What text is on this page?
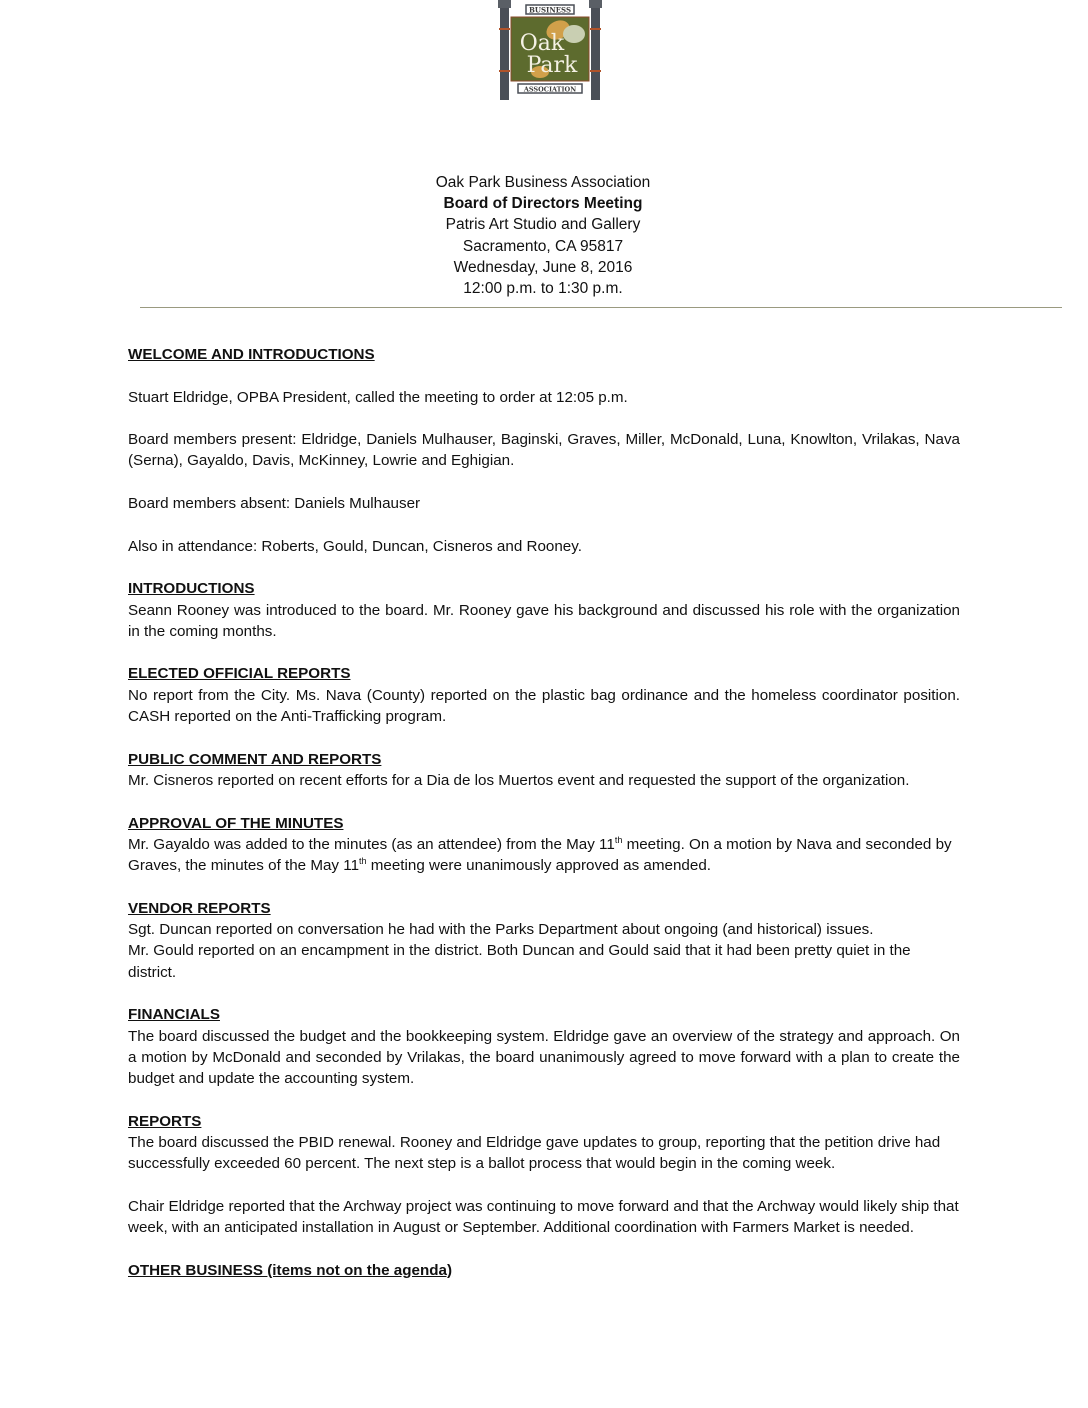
BUSINESS
Oak
Park
ASSOCIATION
Oak Park Business Association
Board of Directors Meeting
Patris Art Studio and Gallery
Sacramento, CA 95817
Wednesday, June 8, 2016
12:00 p.m. to 1:30 p.m.
WELCOME AND INTRODUCTIONS

Stuart Eldridge, OPBA President, called the meeting to order at 12:05 p.m.

Board members present: Eldridge, Daniels Mulhauser, Baginski, Graves, Miller, McDonald, Luna, Knowlton, Vrilakas, Nava (Serna), Gayaldo, Davis, McKinney, Lowrie and Eghigian.

Board members absent: Daniels Mulhauser

Also in attendance: Roberts, Gould, Duncan, Cisneros and Rooney.

INTRODUCTIONS

Seann Rooney was introduced to the board. Mr. Rooney gave his background and discussed his role with the organization in the coming months.

ELECTED OFFICIAL REPORTS

No report from the City. Ms. Nava (County) reported on the plastic bag ordinance and the homeless coordinator position. CASH reported on the Anti-Trafficking program.

PUBLIC COMMENT AND REPORTS

Mr. Cisneros reported on recent efforts for a Dia de los Muertos event and requested the support of the organization.

APPROVAL OF THE MINUTES

Mr. Gayaldo was added to the minutes (as an attendee) from the May 11th meeting. On a motion by Nava and seconded by Graves, the minutes of the May 11th meeting were unanimously approved as amended.

VENDOR REPORTS

Sgt. Duncan reported on conversation he had with the Parks Department about ongoing (and historical) issues.

Mr. Gould reported on an encampment in the district. Both Duncan and Gould said that it had been pretty quiet in the district.

FINANCIALS

The board discussed the budget and the bookkeeping system. Eldridge gave an overview of the strategy and approach. On a motion by McDonald and seconded by Vrilakas, the board unanimously agreed to move forward with a plan to create the budget and update the accounting system.

REPORTS

The board discussed the PBID renewal. Rooney and Eldridge gave updates to group, reporting that the petition drive had successfully exceeded 60 percent. The next step is a ballot process that would begin in the coming week.

Chair Eldridge reported that the Archway project was continuing to move forward and that the Archway would likely ship that week, with an anticipated installation in August or September. Additional coordination with Farmers Market is needed.

OTHER BUSINESS (items not on the agenda)
